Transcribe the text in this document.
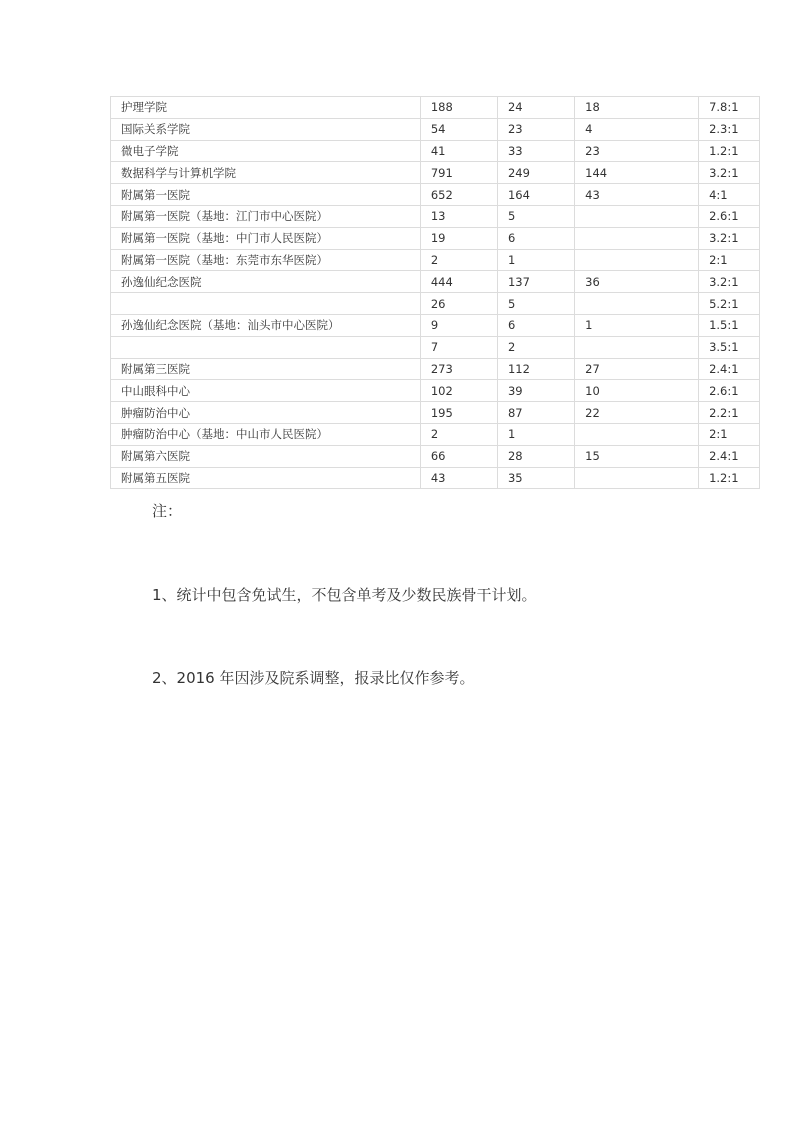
护理学院	188	24	18	7.8:1
国际关系学院	54	23	4	2.3:1
微电子学院	41	33	23	1.2:1
数据科学与计算机学院	791	249	144	3.2:1
附属第一医院	652	164	43	4:1
附属第一医院（基地：江门市中心医院）	13	5		2.6:1
附属第一医院（基地：中门市人民医院）	19	6		3.2:1
附属第一医院（基地：东莞市东华医院）	2	1		2:1
孙逸仙纪念医院	444	137	36	3.2:1
	26	5		5.2:1
孙逸仙纪念医院（基地：汕头市中心医院）	9	6	1	1.5:1
	7	2		3.5:1
附属第三医院	273	112	27	2.4:1
中山眼科中心	102	39	10	2.6:1
肿瘤防治中心	195	87	22	2.2:1
肿瘤防治中心（基地：中山市人民医院）	2	1		2:1
附属第六医院	66	28	15	2.4:1
附属第五医院	43	35		1.2:1

注：

1、统计中包含免试生，不包含单考及少数民族骨干计划。

2、2016 年因涉及院系调整，报录比仅作参考。
